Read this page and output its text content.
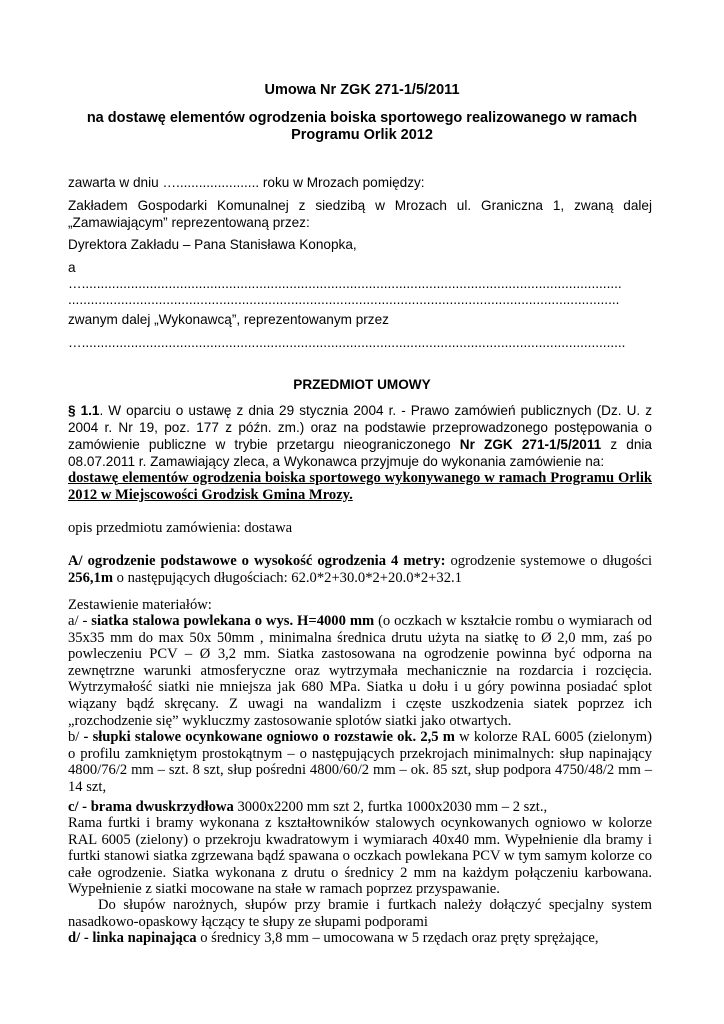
Umowa Nr ZGK 271-1/5/2011
na dostawę elementów ogrodzenia boiska sportowego realizowanego w ramach Programu Orlik 2012

zawarta w dniu …...................... roku w Mrozach pomiędzy:

Zakładem Gospodarki Komunalnej z siedzibą w Mrozach ul. Graniczna 1, zwaną dalej „Zamawiającym” reprezentowaną przez:

Dyrektora Zakładu – Pana Stanisława Konopka,

a

…...............................................................................................................................................

..................................................................................................................................................

zwanym dalej „Wykonawcą”, reprezentowanym przez

…................................................................................................................................................

PRZEDMIOT UMOWY

§ 1.1. W oparciu o ustawę z dnia 29 stycznia 2004 r. - Prawo zamówień publicznych (Dz. U. z 2004 r. Nr 19, poz. 177 z późn. zm.) oraz na podstawie przeprowadzonego postępowania o zamówienie publiczne w trybie przetargu nieograniczonego Nr ZGK 271-1/5/2011 z dnia 08.07.2011 r. Zamawiający zleca, a Wykonawca przyjmuje do wykonania zamówienie na:

dostawę elementów ogrodzenia boiska sportowego wykonywanego w ramach Programu Orlik 2012 w Miejscowości Grodzisk Gmina Mrozy.

opis przedmiotu zamówienia: dostawa

A/ ogrodzenie podstawowe o wysokość ogrodzenia 4 metry: ogrodzenie systemowe o długości 256,1m o następujących długościach: 62.0*2+30.0*2+20.0*2+32.1

Zestawienie materiałów:

a/ - siatka stalowa powlekana o wys. H=4000 mm (o oczkach w kształcie rombu o wymiarach od 35x35 mm do max 50x 50mm , minimalna średnica drutu użyta na siatkę to Ø 2,0 mm, zaś po powleczeniu PCV – Ø 3,2 mm. Siatka zastosowana na ogrodzenie powinna być odporna na zewnętrzne warunki atmosferyczne oraz wytrzymała mechanicznie na rozdarcia i rozcięcia. Wytrzymałość siatki nie mniejsza jak 680 MPa. Siatka u dołu i u góry powinna posiadać splot wiązany bądź skręcany. Z uwagi na wandalizm i częste uszkodzenia siatek poprzez ich „rozchodzenie się” wykluczmy zastosowanie splotów siatki jako otwartych.

b/ - słupki stalowe ocynkowane ogniowo o rozstawie ok. 2,5 m w kolorze RAL 6005 (zielonym) o profilu zamkniętym prostokątnym – o następujących przekrojach minimalnych: słup napinający 4800/76/2 mm – szt. 8 szt, słup pośredni 4800/60/2 mm – ok. 85 szt, słup podpora 4750/48/2 mm – 14 szt,

c/ - brama dwuskrzydłowa 3000x2200 mm szt 2, furtka 1000x2030 mm – 2 szt.,

Rama furtki i bramy wykonana z kształtowników stalowych ocynkowanych ogniowo w kolorze RAL 6005 (zielony) o przekroju kwadratowym i wymiarach 40x40 mm. Wypełnienie dla bramy i furtki stanowi siatka zgrzewana bądź spawana o oczkach powlekana PCV w tym samym kolorze co całe ogrodzenie. Siatka wykonana z drutu o średnicy 2 mm na każdym połączeniu karbowana. Wypełnienie z siatki mocowane na stałe w ramach poprzez przyspawanie.

Do słupów narożnych, słupów przy bramie i furtkach należy dołączyć specjalny system nasadkowo-opaskowy łączący te słupy ze słupami podporami

d/ - linka napinająca o średnicy 3,8 mm – umocowana w 5 rzędach oraz pręty sprężające,
